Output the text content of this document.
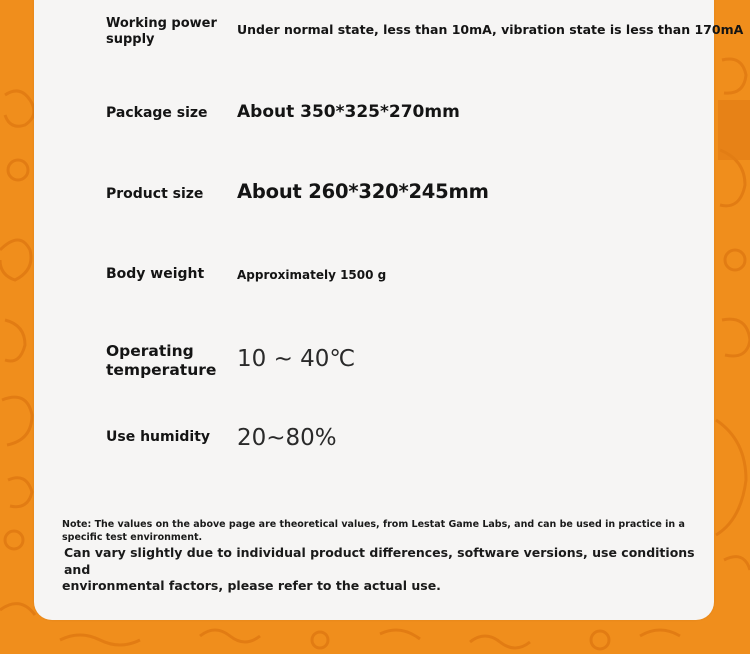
Working power supply
Under normal state, less than 10mA, vibration state is less than 170mA
Package size About 350*325*270mm
Product size About 260*320*245mm
Body weight	Approximately 1500 g
Operating temperature 10 ~ 40℃
Use humidity 20~80%
Note: The values on the above page are theoretical values, from Lestat Game Labs, and can be used in practice in a specific test environment.
Can vary slightly due to individual product differences, software versions, use conditions and
environmental factors, please refer to the actual use.
